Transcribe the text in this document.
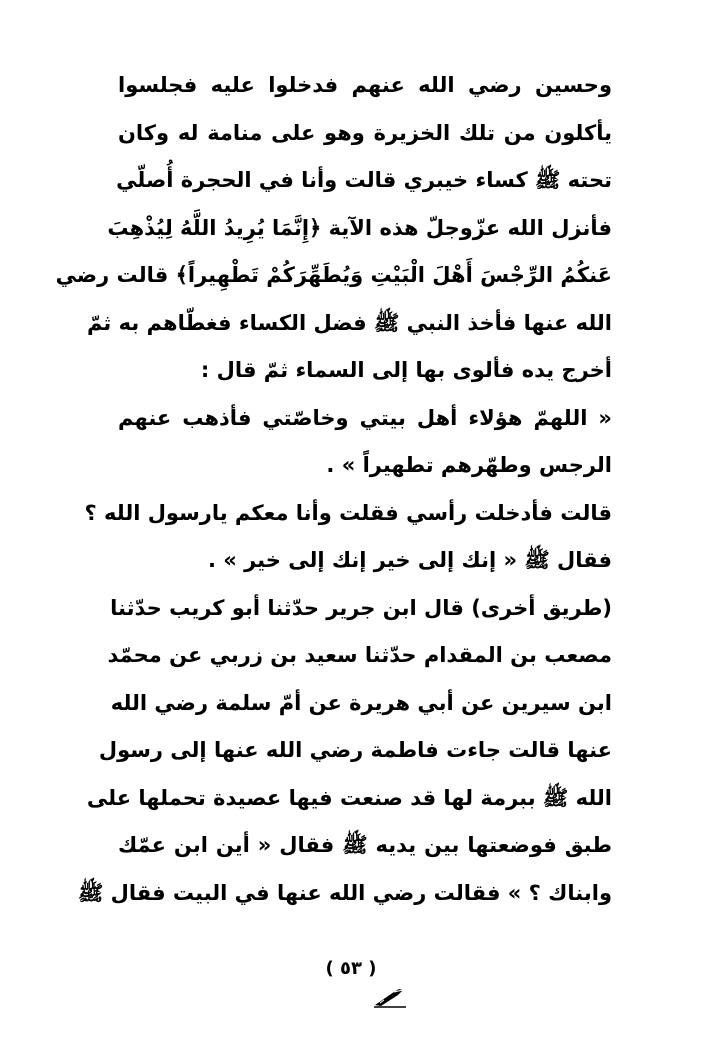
وحسين رضي الله عنهم فدخلوا عليه فجلسوا
يأكلون من تلك الخزيرة وهو على منامة له وكان
تحته ﷺ كساء خيبري قالت وأنا في الحجرة أُصلّي
فأنزل الله عزّوجلّ هذه الآية ﴿إِنَّمَا يُرِيدُ اللَّهُ لِيُذْهِبَ
عَنكُمُ الرِّجْسَ أَهْلَ الْبَيْتِ وَيُطَهِّرَكُمْ تَطْهِيراً﴾ قالت رضي
الله عنها فأخذ النبي ﷺ فضل الكساء فغطّاهم به ثمّ
أخرج يده فألوى بها إلى السماء ثمّ قال :
« اللهمّ هؤلاء أهل بيتي وخاصّتي فأذهب عنهم
الرجس وطهّرهم تطهيراً » .
قالت فأدخلت رأسي فقلت وأنا معكم يارسول الله ؟
فقال ﷺ « إنك إلى خير إنك إلى خير » .
(طريق أخرى) قال ابن جرير حدّثنا أبو كريب حدّثنا
مصعب بن المقدام حدّثنا سعيد بن زربي عن محمّد
ابن سيرين عن أبي هريرة عن أمّ سلمة رضي الله
عنها قالت جاءت فاطمة رضي الله عنها إلى رسول
الله ﷺ ببرمة لها قد صنعت فيها عصيدة تحملها على
طبق فوضعتها بين يديه ﷺ فقال « أين ابن عمّك
وابناك ؟ » فقالت رضي الله عنها في البيت فقال ﷺ
( ٥٣ )
